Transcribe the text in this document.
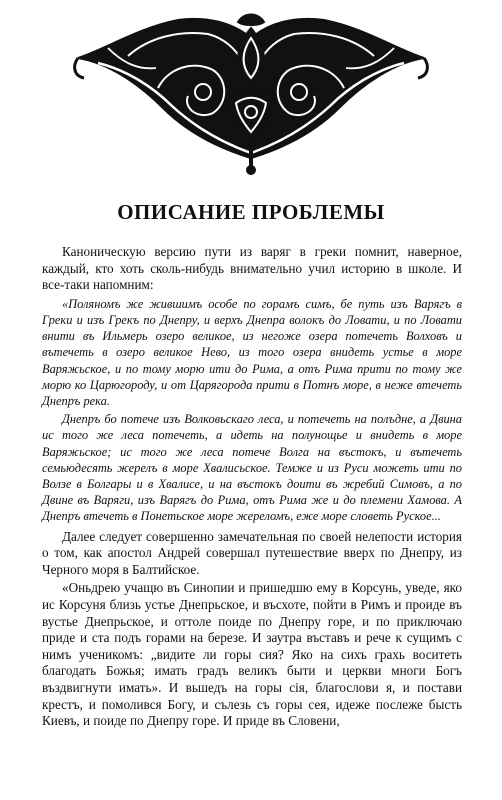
ОПИСАНИЕ ПРОБЛЕМЫ

Каноническую версию пути из варяг в греки помнит, наверное, каждый, кто хоть сколь-нибудь внимательно учил историю в школе. И все-таки напомним:

«Поляномъ же жившимъ особе по горамъ симъ, бе путь изъ Варягъ в Греки и изъ Грекъ по Днепру, и верхъ Днепра волокъ до Ловати, и по Ловати внити въ Ильмерь озеро великое, из негоже озера потечеть Волховъ и вътечеть в озеро великое Нево, из того озера внидеть устье в море Варяжьское, и по тому морю ити до Рима, а отъ Рима прити по тому же морю ко Царюгороду, и от Царягорода прити в Потнъ море, в неже втечеть Днепръ река.

Днепръ бо потече изъ Волковьскаго леса, и потечеть на полъдне, а Двина ис того же леса потечеть, а идеть на полунощье и внидеть в море Варяжьское; ис того же леса потече Волга на въстокъ, и вътечеть семьюдесять жерелъ в море Хвалисьское. Темже и из Руси можеть ити по Волзе в Болгары и в Хвалисе, и на въстокъ доити въ жребий Симовъ, а по Двине въ Варяги, изъ Варягъ до Рима, отъ Рима же и до племени Хамова. А Днепръ втечеть в Понетьское море жереломъ, еже море словеть Руское...

Далее следует совершенно замечательная по своей нелепости история о том, как апостол Андрей совершал путешествие вверх по Днепру, из Черного моря в Балтийское.

«Оньдрею учащю въ Синопии и пришедшю ему в Корсунь, уведе, яко ис Корсуня близь устье Днепрьское, и въсхоте, пойти в Римъ и проиде въ вустье Днепрьское, и оттоле поиде по Днепру горе, и по приключаю приде и ста подъ горами на березе. И заутра въставъ и рече к сущимъ с нимъ ученикомъ: „видите ли горы сия? Яко на сихъ грахь воситеть благодать Божья; имать градъ великъ быти и церкви многи Богъ въздвигнути имать». И вьшедъ на горы сія, благослови я, и постави крестъ, и помолився Богу, и сълезь съ горы сея, идеже послеже бысть Киевъ, и поиде по Днепру горе. И приде въ Словени,
